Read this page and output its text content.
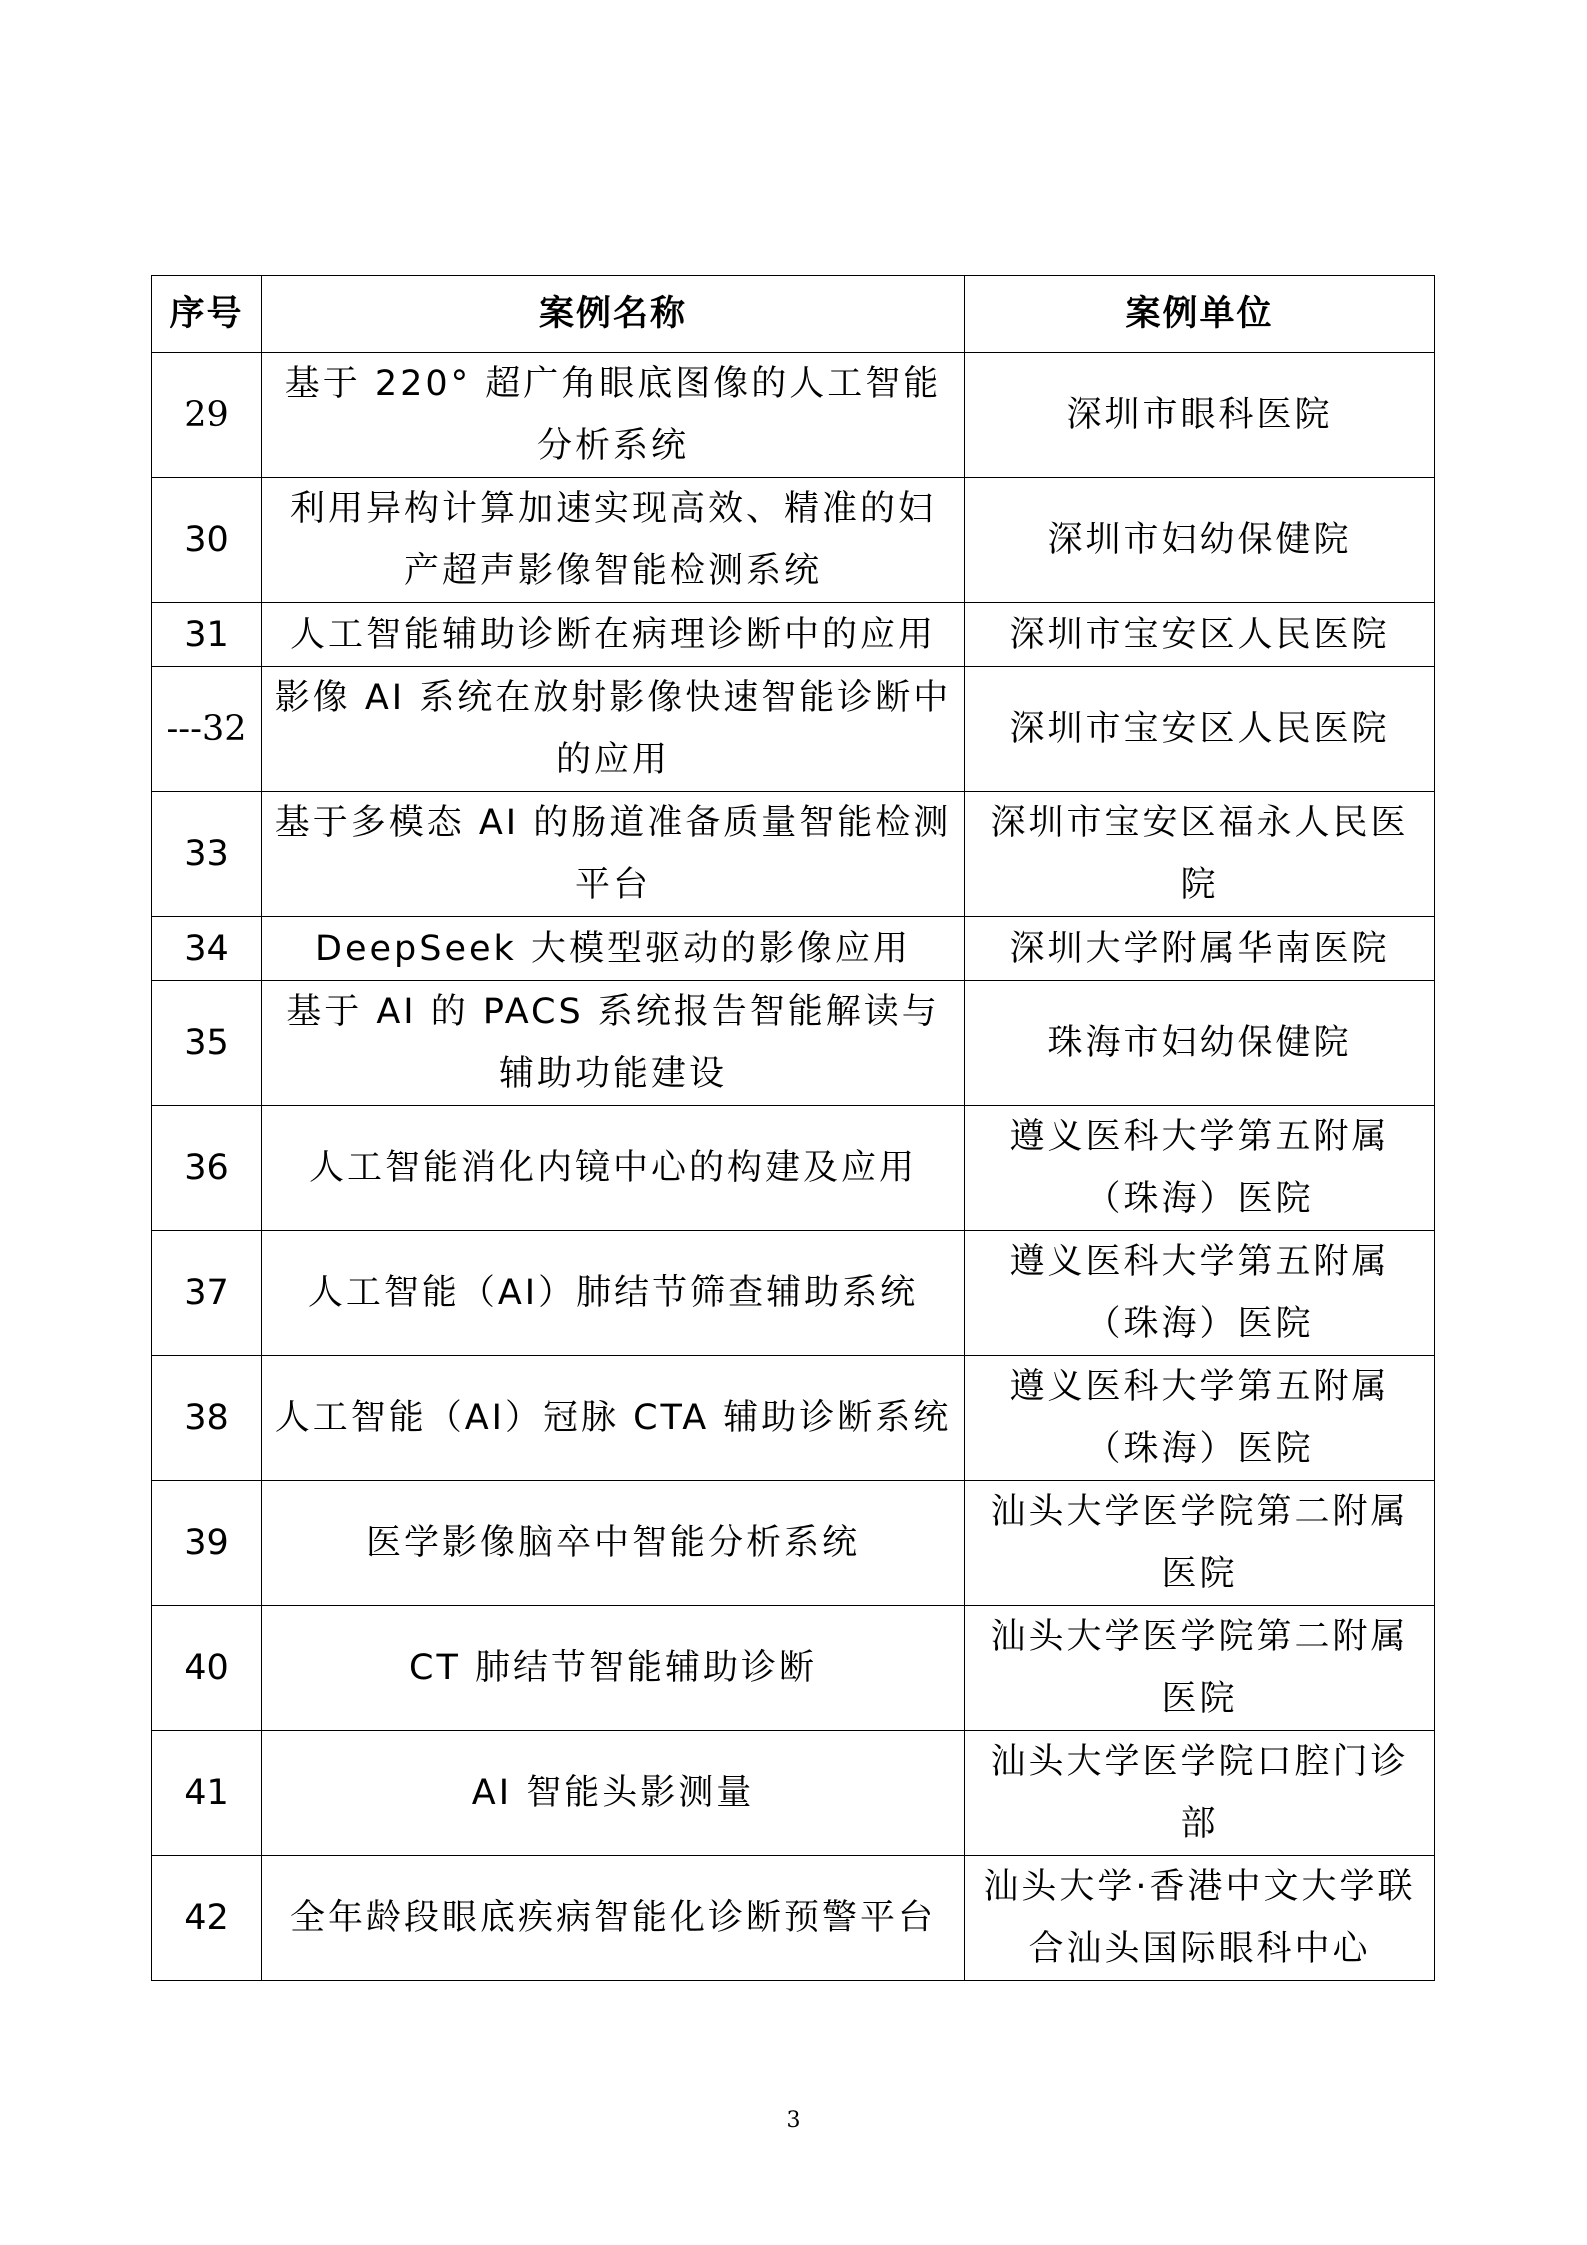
序号	案例名称	案例单位
29	基于 220° 超广角眼底图像的人工智能分析系统	深圳市眼科医院
30	利用异构计算加速实现高效、精准的妇产超声影像智能检测系统	深圳市妇幼保健院
31	人工智能辅助诊断在病理诊断中的应用	深圳市宝安区人民医院
---32	影像 AI 系统在放射影像快速智能诊断中的应用	深圳市宝安区人民医院
33	基于多模态 AI 的肠道准备质量智能检测平台	深圳市宝安区福永人民医院
34	DeepSeek 大模型驱动的影像应用	深圳大学附属华南医院
35	基于 AI 的 PACS 系统报告智能解读与辅助功能建设	珠海市妇幼保健院
36	人工智能消化内镜中心的构建及应用	遵义医科大学第五附属（珠海）医院
37	人工智能（AI）肺结节筛查辅助系统	遵义医科大学第五附属（珠海）医院
38	人工智能（AI）冠脉 CTA 辅助诊断系统	遵义医科大学第五附属（珠海）医院
39	医学影像脑卒中智能分析系统	汕头大学医学院第二附属医院
40	CT 肺结节智能辅助诊断	汕头大学医学院第二附属医院
41	AI 智能头影测量	汕头大学医学院口腔门诊部
42	全年龄段眼底疾病智能化诊断预警平台	汕头大学·香港中文大学联合汕头国际眼科中心
3
